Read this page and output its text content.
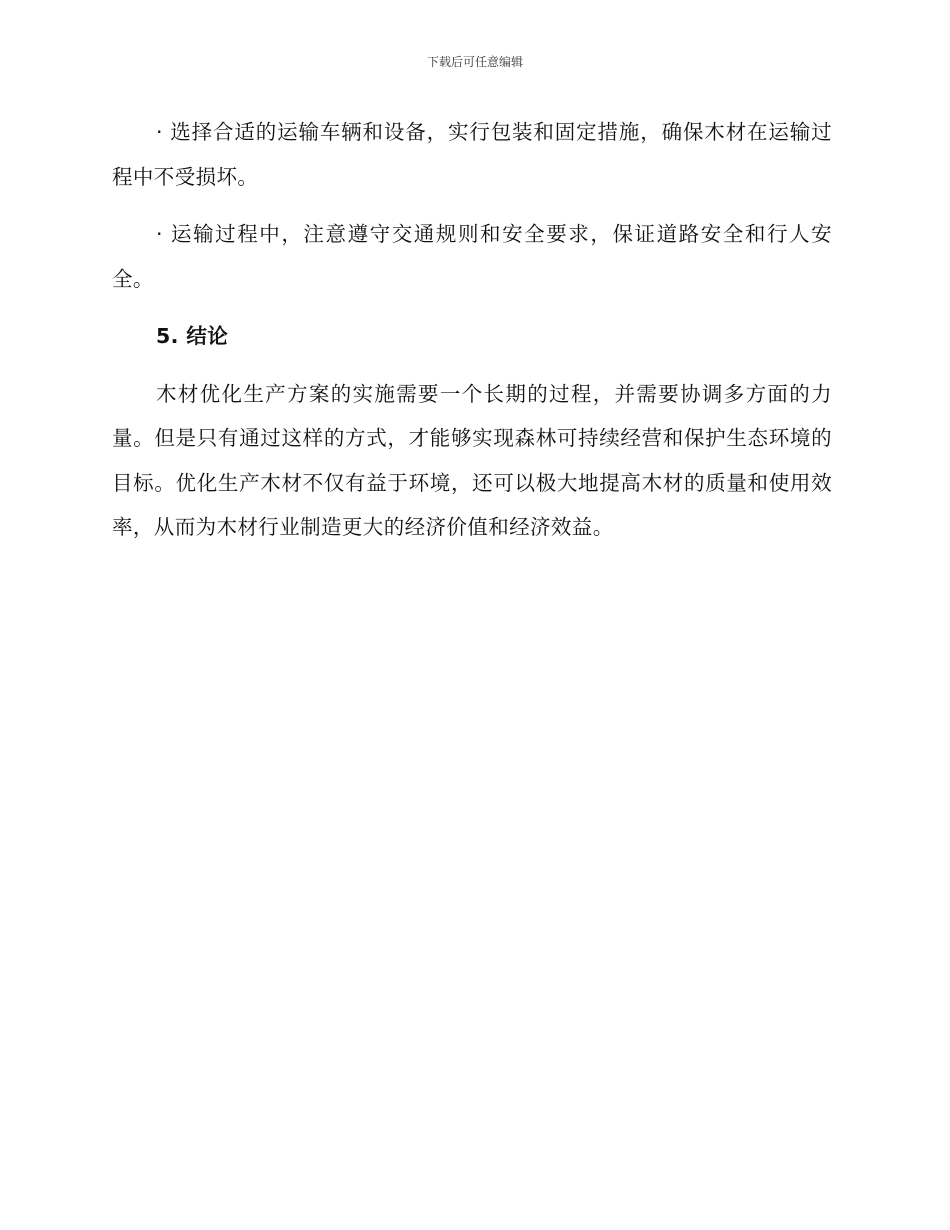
下载后可任意编辑

· 选择合适的运输车辆和设备，实行包装和固定措施，确保木材在运输过程中不受损坏。

· 运输过程中，注意遵守交通规则和安全要求，保证道路安全和行人安全。

5. 结论

木材优化生产方案的实施需要一个长期的过程，并需要协调多方面的力量。但是只有通过这样的方式，才能够实现森林可持续经营和保护生态环境的目标。优化生产木材不仅有益于环境，还可以极大地提高木材的质量和使用效率，从而为木材行业制造更大的经济价值和经济效益。
